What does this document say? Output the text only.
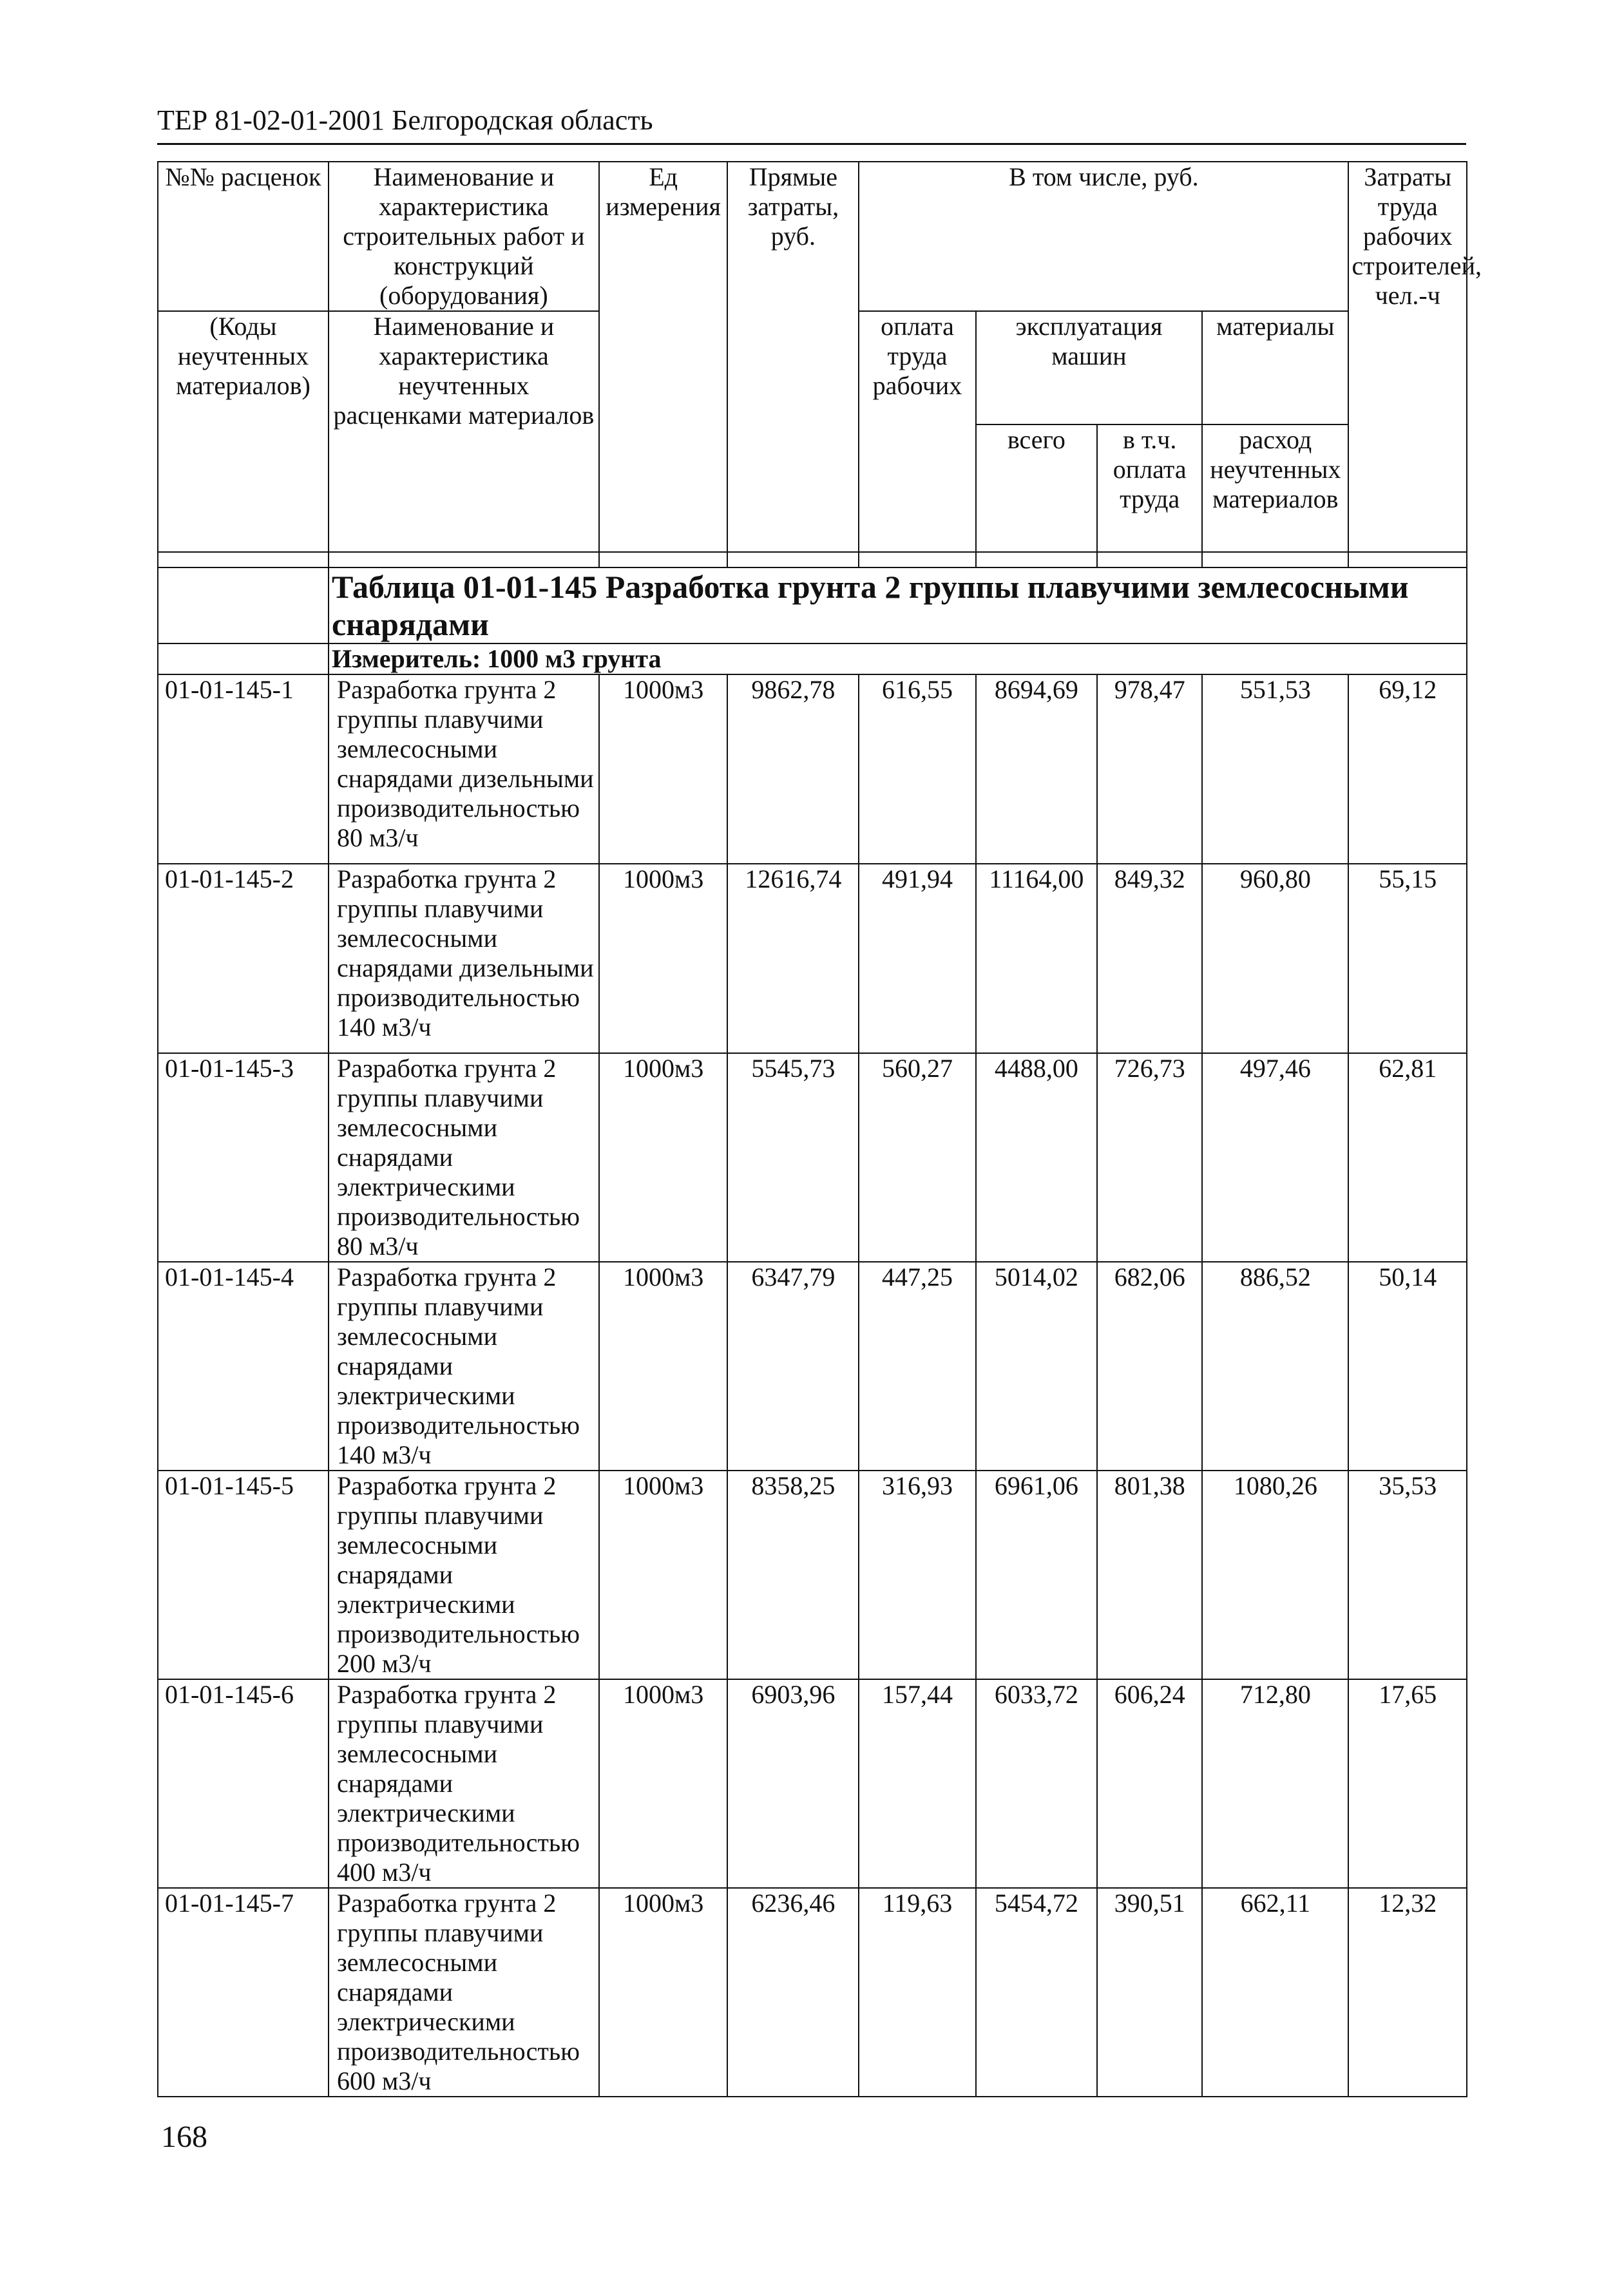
ТЕР 81-02-01-2001 Белгородская область
№№ расценок	Наименование и характеристика строительных работ и конструкций (оборудования)	Ед измерения	Прямые затраты, руб.	В том числе, руб.				Затраты труда рабочих строителей, чел.-ч
(Коды неучтенных материалов)	Наименование и характеристика неучтенных расценками материалов			оплата труда рабочих	эксплуатация машин		материалы	
					всего	в т.ч. оплата труда	расход неучтенных материалов	

	Таблица 01-01-145 Разработка грунта 2 группы плавучими землесосными снарядами							
	Измеритель: 1000 м3 грунта							
01-01-145-1	Разработка грунта 2 группы плавучими землесосными снарядами дизельными производительностью 80 м3/ч	1000м3	9862,78	616,55	8694,69	978,47	551,53	69,12
01-01-145-2	Разработка грунта 2 группы плавучими землесосными снарядами дизельными производительностью 140 м3/ч	1000м3	12616,74	491,94	11164,00	849,32	960,80	55,15
01-01-145-3	Разработка грунта 2 группы плавучими землесосными снарядами электрическими производительностью 80 м3/ч	1000м3	5545,73	560,27	4488,00	726,73	497,46	62,81
01-01-145-4	Разработка грунта 2 группы плавучими землесосными снарядами электрическими производительностью 140 м3/ч	1000м3	6347,79	447,25	5014,02	682,06	886,52	50,14
01-01-145-5	Разработка грунта 2 группы плавучими землесосными снарядами электрическими производительностью 200 м3/ч	1000м3	8358,25	316,93	6961,06	801,38	1080,26	35,53
01-01-145-6	Разработка грунта 2 группы плавучими землесосными снарядами электрическими производительностью 400 м3/ч	1000м3	6903,96	157,44	6033,72	606,24	712,80	17,65
01-01-145-7	Разработка грунта 2 группы плавучими землесосными снарядами электрическими производительностью 600 м3/ч	1000м3	6236,46	119,63	5454,72	390,51	662,11	12,32
168
